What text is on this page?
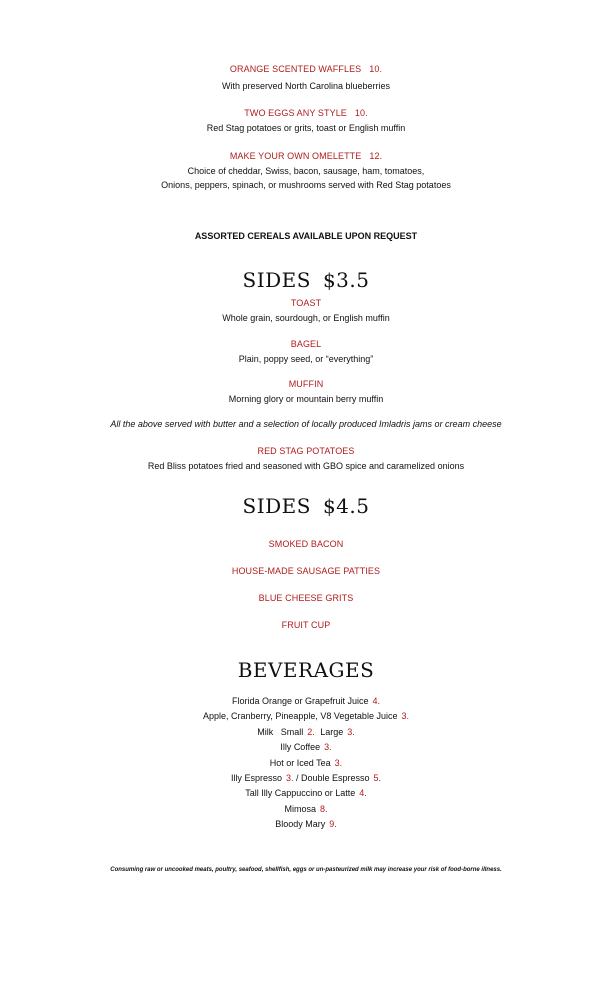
ORANGE SCENTED WAFFLES 10.
With preserved North Carolina blueberries
TWO EGGS ANY STYLE 10.
Red Stag potatoes or grits, toast or English muffin
MAKE YOUR OWN OMELETTE 12.
Choice of cheddar, Swiss, bacon, sausage, ham, tomatoes,
Onions, peppers, spinach, or mushrooms served with Red Stag potatoes
ASSORTED CEREALS AVAILABLE UPON REQUEST
SIDES $3.5
TOAST
Whole grain, sourdough, or English muffin
BAGEL
Plain, poppy seed, or “everything”
MUFFIN
Morning glory or mountain berry muffin
All the above served with butter and a selection of locally produced Imladris jams or cream cheese
RED STAG POTATOES
Red Bliss potatoes fried and seasoned with GBO spice and caramelized onions
SIDES $4.5
SMOKED BACON
HOUSE-MADE SAUSAGE PATTIES
BLUE CHEESE GRITS
FRUIT CUP
BEVERAGES
Florida Orange or Grapefruit Juice 4.
Apple, Cranberry, Pineapple, V8 Vegetable Juice 3.
Milk   Small 2. Large 3.
Illy Coffee 3.
Hot or Iced Tea 3.
Illy Espresso 3. / Double Espresso 5.
Tall Illy Cappuccino or Latte 4.
Mimosa 8.
Bloody Mary 9.
Consuming raw or uncooked meats, poultry, seafood, shellfish, eggs or un-pasteurized milk may increase your risk of food-borne illness.
